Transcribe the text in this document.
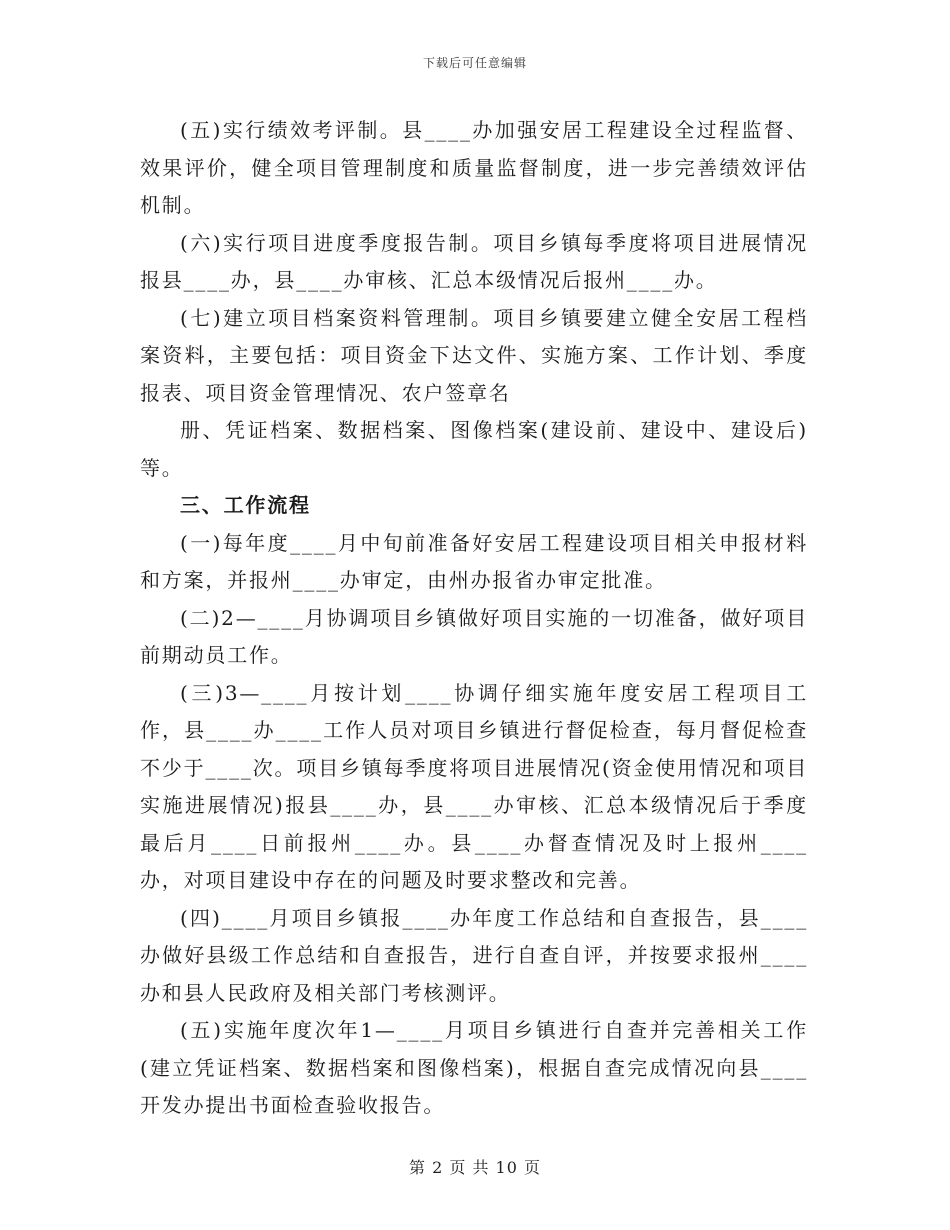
下载后可任意编辑

(五)实行绩效考评制。县____办加强安居工程建设全过程监督、效果评价，健全项目管理制度和质量监督制度，进一步完善绩效评估机制。

(六)实行项目进度季度报告制。项目乡镇每季度将项目进展情况报县____办，县____办审核、汇总本级情况后报州____办。

(七)建立项目档案资料管理制。项目乡镇要建立健全安居工程档案资料，主要包括：项目资金下达文件、实施方案、工作计划、季度报表、项目资金管理情况、农户签章名

册、凭证档案、数据档案、图像档案(建设前、建设中、建设后)等。

三、工作流程

(一)每年度____月中旬前准备好安居工程建设项目相关申报材料和方案，并报州____办审定，由州办报省办审定批准。

(二)2—____月协调项目乡镇做好项目实施的一切准备，做好项目前期动员工作。

(三)3—____月按计划____协调仔细实施年度安居工程项目工作，县____办____工作人员对项目乡镇进行督促检查，每月督促检查不少于____次。项目乡镇每季度将项目进展情况(资金使用情况和项目实施进展情况)报县____办，县____办审核、汇总本级情况后于季度最后月____日前报州____办。县____办督查情况及时上报州____办，对项目建设中存在的问题及时要求整改和完善。

(四)____月项目乡镇报____办年度工作总结和自查报告，县____办做好县级工作总结和自查报告，进行自查自评，并按要求报州____办和县人民政府及相关部门考核测评。

(五)实施年度次年1—____月项目乡镇进行自查并完善相关工作(建立凭证档案、数据档案和图像档案)，根据自查完成情况向县____开发办提出书面检查验收报告。

第 2 页 共 10 页
